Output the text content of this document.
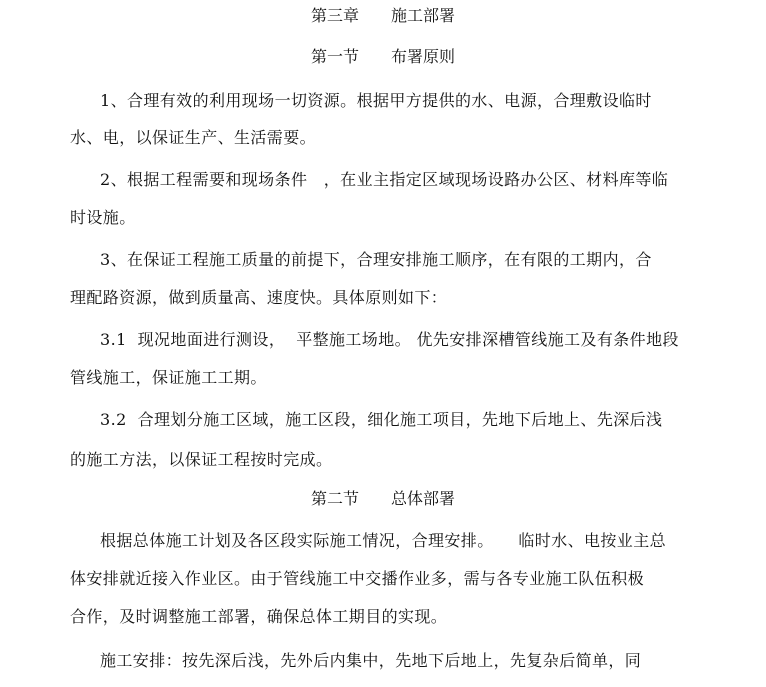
第三章　　施工部署
第一节　　布署原则
1、合理有效的利用现场一切资源。根据甲方提供的水、电源，合理敷设临时
水、电，以保证生产、生活需要。
2、根据工程需要和现场条件　，在业主指定区域现场设路办公区、材料库等临
时设施。
3、在保证工程施工质量的前提下，合理安排施工顺序，在有限的工期内，合
理配路资源，做到质量高、速度快。具体原则如下：
3.1  现况地面进行测设，  平整施工场地。 优先安排深槽管线施工及有条件地段
管线施工，保证施工工期。
3.2  合理划分施工区域，施工区段，细化施工项目，先地下后地上、先深后浅
的施工方法，以保证工程按时完成。
第二节　　总体部署
根据总体施工计划及各区段实际施工情况，合理安排。　　临时水、电按业主总
体安排就近接入作业区。由于管线施工中交播作业多，需与各专业施工队伍积极
合作，及时调整施工部署，确保总体工期目的实现。
施工安排：按先深后浅，先外后内集中，先地下后地上，先复杂后简单，同
